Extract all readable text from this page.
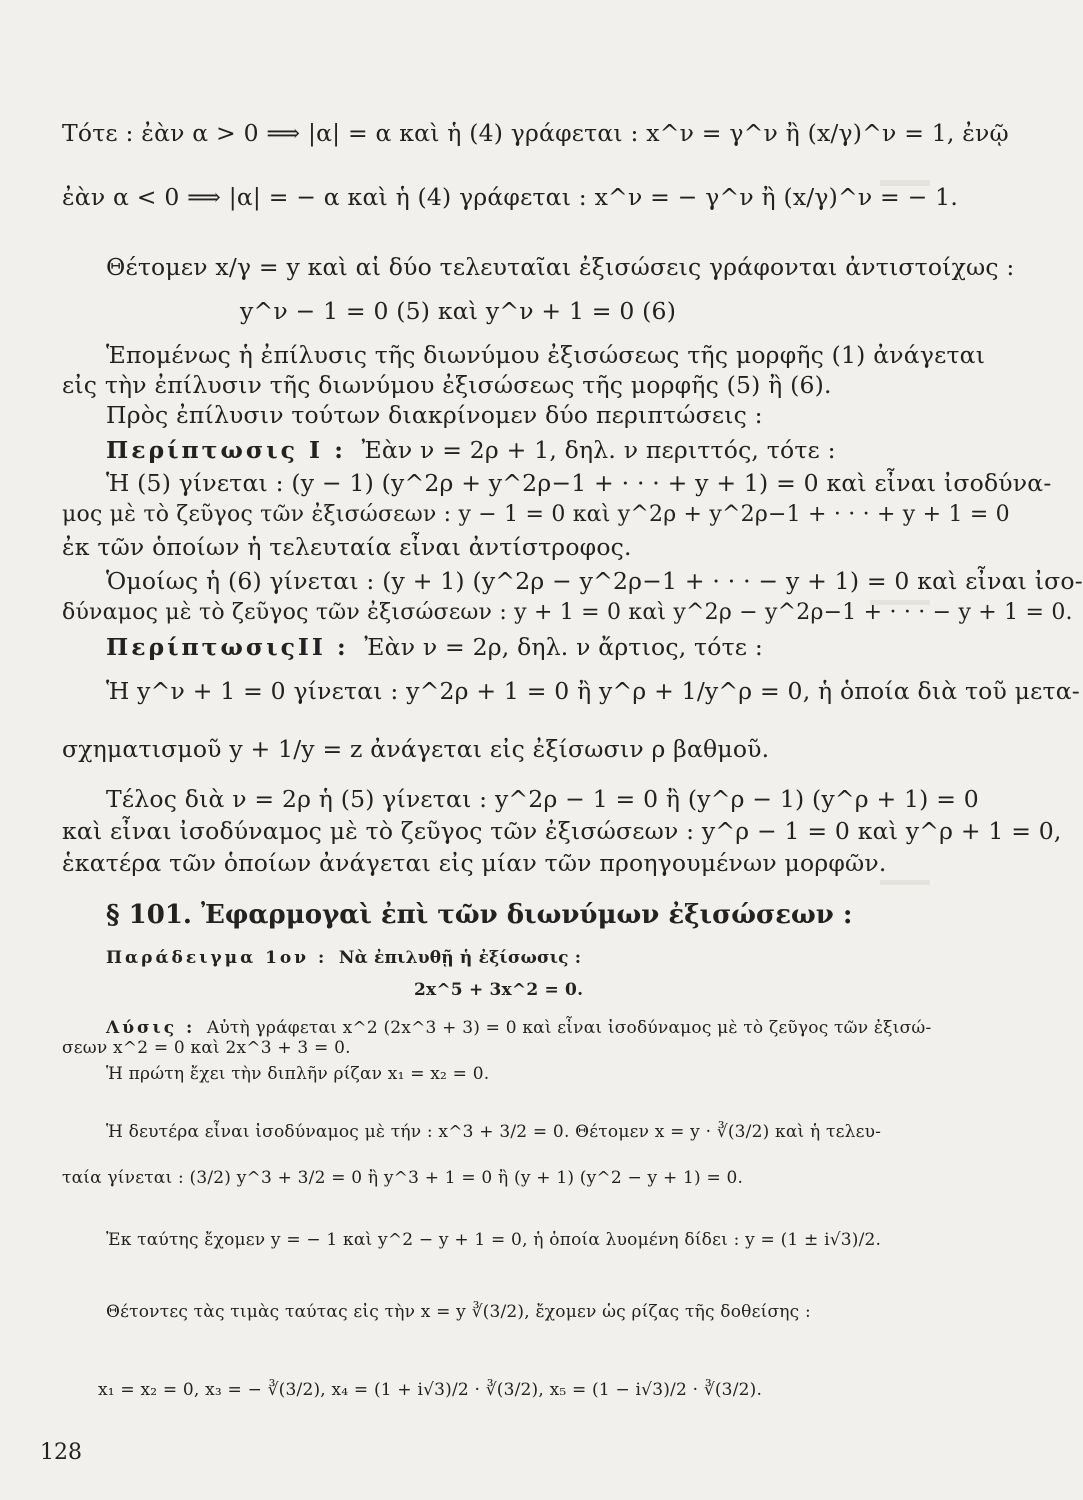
Τότε : ἐὰν α > 0 ⟹ |α| = α καὶ ἡ (4) γράφεται : x^ν = γ^ν ἢ (x/γ)^ν = 1, ἐνῷ
ἐὰν α < 0 ⟹ |α| = − α καὶ ἡ (4) γράφεται : x^ν = − γ^ν ἢ (x/γ)^ν = − 1.
Θέτομεν x/γ = y καὶ αἱ δύο τελευταῖαι ἐξισώσεις γράφονται ἀντιστοίχως :
y^ν − 1 = 0 (5) καὶ y^ν + 1 = 0 (6)
Ἑπομένως ἡ ἐπίλυσις τῆς διωνύμου ἐξισώσεως τῆς μορφῆς (1) ἀνάγεται
εἰς τὴν ἐπίλυσιν τῆς διωνύμου ἐξισώσεως τῆς μορφῆς (5) ἢ (6).
Πρὸς ἐπίλυσιν τούτων διακρίνομεν δύο περιπτώσεις :
Περίπτωσις Ι : Ἐὰν ν = 2ρ + 1, δηλ. ν περιττός, τότε :
Ἡ (5) γίνεται : (y − 1) (y^2ρ + y^2ρ−1 + · · · + y + 1) = 0 καὶ εἶναι ἰσοδύνα-
μος μὲ τὸ ζεῦγος τῶν ἐξισώσεων : y − 1 = 0 καὶ y^2ρ + y^2ρ−1 + · · · + y + 1 = 0
ἐκ τῶν ὁποίων ἡ τελευταία εἶναι ἀντίστροφος.
Ὁμοίως ἡ (6) γίνεται : (y + 1) (y^2ρ − y^2ρ−1 + · · · − y + 1) = 0 καὶ εἶναι ἰσο-
δύναμος μὲ τὸ ζεῦγος τῶν ἐξισώσεων : y + 1 = 0 καὶ y^2ρ − y^2ρ−1 + · · · − y + 1 = 0.
ΠερίπτωσιςΙΙ : Ἐὰν ν = 2ρ, δηλ. ν ἄρτιος, τότε :
Ἡ y^ν + 1 = 0 γίνεται : y^2ρ + 1 = 0 ἢ y^ρ + 1/y^ρ = 0, ἡ ὁποία διὰ τοῦ μετα-
σχηματισμοῦ y + 1/y = z ἀνάγεται εἰς ἐξίσωσιν ρ βαθμοῦ.
Τέλος διὰ ν = 2ρ ἡ (5) γίνεται : y^2ρ − 1 = 0 ἢ (y^ρ − 1) (y^ρ + 1) = 0
καὶ εἶναι ἰσοδύναμος μὲ τὸ ζεῦγος τῶν ἐξισώσεων : y^ρ − 1 = 0 καὶ y^ρ + 1 = 0,
ἑκατέρα τῶν ὁποίων ἀνάγεται εἰς μίαν τῶν προηγουμένων μορφῶν.
§ 101. Ἐφαρμογαὶ ἐπὶ τῶν διωνύμων ἐξισώσεων :
Παράδειγμα 1ον : Νὰ ἐπιλυθῇ ἡ ἐξίσωσις :
2x^5 + 3x^2 = 0.
Λύσις : Αὐτὴ γράφεται x^2 (2x^3 + 3) = 0 καὶ εἶναι ἰσοδύναμος μὲ τὸ ζεῦγος τῶν ἐξισώ-
σεων x^2 = 0 καὶ 2x^3 + 3 = 0.
Ἡ πρώτη ἔχει τὴν διπλῆν ρίζαν x₁ = x₂ = 0.
Ἡ δευτέρα εἶναι ἰσοδύναμος μὲ τήν : x^3 + 3/2 = 0. Θέτομεν x = y · ∛(3/2) καὶ ἡ τελευ-
ταία γίνεται : (3/2) y^3 + 3/2 = 0 ἢ y^3 + 1 = 0 ἢ (y + 1) (y^2 − y + 1) = 0.
Ἐκ ταύτης ἔχομεν y = − 1 καὶ y^2 − y + 1 = 0, ἡ ὁποία λυομένη δίδει : y = (1 ± i√3)/2.
Θέτοντες τὰς τιμὰς ταύτας εἰς τὴν x = y ∛(3/2), ἔχομεν ὡς ρίζας τῆς δοθείσης :
x₁ = x₂ = 0, x₃ = − ∛(3/2), x₄ = (1 + i√3)/2 · ∛(3/2), x₅ = (1 − i√3)/2 · ∛(3/2).
128
